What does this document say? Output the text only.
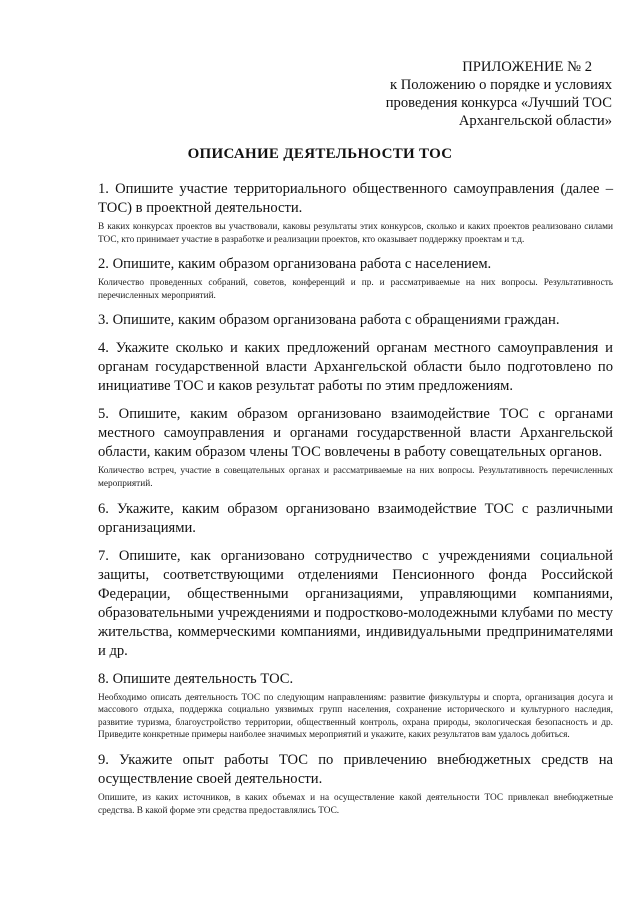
ПРИЛОЖЕНИЕ № 2
к Положению о порядке и условиях
проведения конкурса «Лучший ТОС
Архангельской области»
ОПИСАНИЕ ДЕЯТЕЛЬНОСТИ ТОС

1. Опишите участие территориального общественного самоуправления (далее – ТОС) в проектной деятельности.

В каких конкурсах проектов вы участвовали, каковы результаты этих конкурсов, сколько и каких проектов реализовано силами ТОС, кто принимает участие в разработке и реализации проектов, кто оказывает поддержку проектам и т.д.

2. Опишите, каким образом организована работа с населением.

Количество проведенных собраний, советов, конференций и пр. и рассматриваемые на них вопросы. Результативность перечисленных мероприятий.

3. Опишите, каким образом организована работа с обращениями граждан.

4. Укажите сколько и каких предложений органам местного самоуправления и органам государственной власти Архангельской области было подготовлено по инициативе ТОС и каков результат работы по этим предложениям.

5. Опишите, каким образом организовано взаимодействие ТОС с органами местного самоуправления и органами государственной власти Архангельской области, каким образом члены ТОС вовлечены в работу совещательных органов.

Количество встреч, участие в совещательных органах и рассматриваемые на них вопросы. Результативность перечисленных мероприятий.

6. Укажите, каким образом организовано взаимодействие ТОС с различными организациями.

7. Опишите, как организовано сотрудничество с учреждениями социальной защиты, соответствующими отделениями Пенсионного фонда Российской Федерации, общественными организациями, управляющими компаниями, образовательными учреждениями и подростково-молодежными клубами по месту жительства, коммерческими компаниями, индивидуальными предпринимателями и др.

8. Опишите деятельность ТОС.

Необходимо описать деятельность ТОС по следующим направлениям: развитие физкультуры и спорта, организация досуга и массового отдыха, поддержка социально уязвимых групп населения, сохранение исторического и культурного наследия, развитие туризма, благоустройство территории, общественный контроль, охрана природы, экологическая безопасность и др. Приведите конкретные примеры наиболее значимых мероприятий и укажите, каких результатов вам удалось добиться.

9. Укажите опыт работы ТОС по привлечению внебюджетных средств на осуществление своей деятельности.

Опишите, из каких источников, в каких объемах и на осуществление какой деятельности ТОС привлекал внебюджетные средства. В какой форме эти средства предоставлялись ТОС.
